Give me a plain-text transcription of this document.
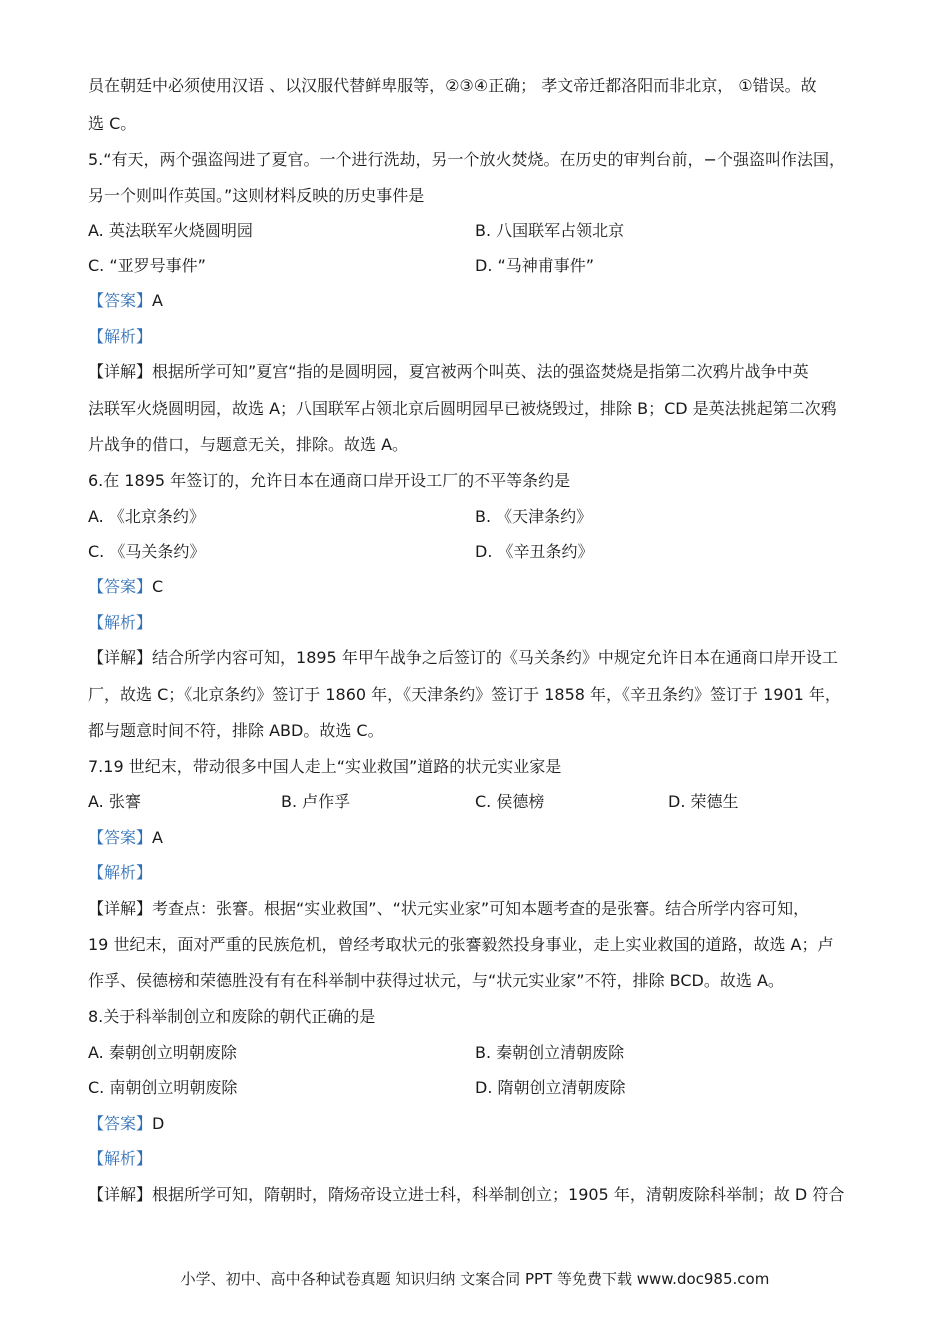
员在朝廷中必须使用汉语 、以汉服代替鲜卑服等，②③④正确； 孝文帝迁都洛阳而非北京， ①错误。故
选 C。
5.“有天，两个强盗闯进了夏官。一个进行洗劫，另一个放火焚烧。在历史的审判台前，−个强盗叫作法国，
另一个则叫作英国。”这则材料反映的历史事件是
A. 英法联军火烧圆明园	B. 八国联军占领北京
C. “亚罗号事件”	D. “马神甫事件”
【答案】A
【解析】
【详解】根据所学可知”夏宫“指的是圆明园，夏宫被两个叫英、法的强盗焚烧是指第二次鸦片战争中英
法联军火烧圆明园，故选 A；八国联军占领北京后圆明园早已被烧毁过，排除 B；CD 是英法挑起第二次鸦
片战争的借口，与题意无关，排除。故选 A。
6.在 1895 年签订的，允许日本在通商口岸开设工厂的不平等条约是
A. 《北京条约》	B. 《天津条约》
C. 《马关条约》	D. 《辛丑条约》
【答案】C
【解析】
【详解】结合所学内容可知，1895 年甲午战争之后签订的《马关条约》中规定允许日本在通商口岸开设工
厂，故选 C；《北京条约》签订于 1860 年，《天津条约》签订于 1858 年，《辛丑条约》签订于 1901 年，
都与题意时间不符，排除 ABD。故选 C。
7.19 世纪末，带动很多中国人走上“实业救国”道路的状元实业家是
A. 张謇	B. 卢作孚	C. 侯德榜	D. 荣德生
【答案】A
【解析】
【详解】考查点：张謇。根据“实业救国”、“状元实业家”可知本题考查的是张謇。结合所学内容可知，
19 世纪末，面对严重的民族危机，曾经考取状元的张謇毅然投身事业，走上实业救国的道路，故选 A；卢
作孚、侯德榜和荣德胜没有有在科举制中获得过状元，与“状元实业家”不符，排除 BCD。故选 A。
8.关于科举制创立和废除的朝代正确的是
A. 秦朝创立明朝废除	B. 秦朝创立清朝废除
C. 南朝创立明朝废除	D. 隋朝创立清朝废除
【答案】D
【解析】
【详解】根据所学可知，隋朝时，隋炀帝设立进士科，科举制创立；1905 年，清朝废除科举制；故 D 符合
小学、初中、高中各种试卷真题 知识归纳 文案合同 PPT 等免费下载 www.doc985.com
